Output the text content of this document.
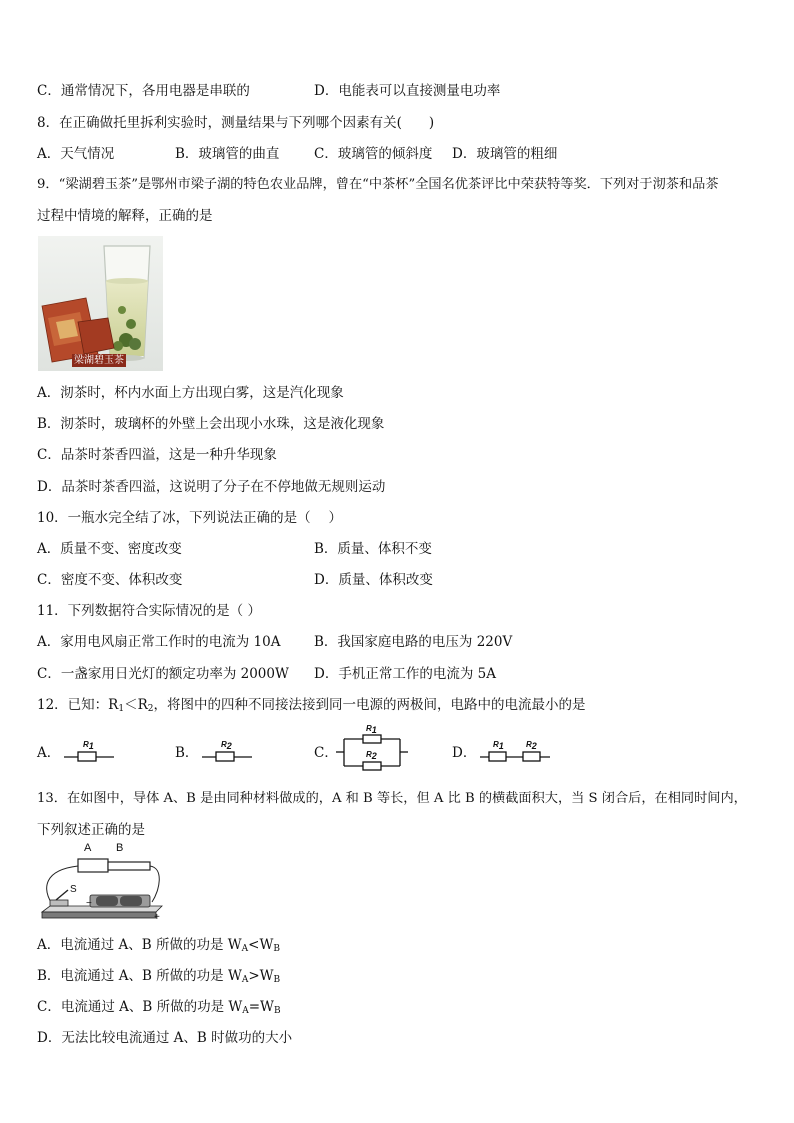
C．通常情况下，各用电器是串联的	D．电能表可以直接测量电功率
8．在正确做托里拆利实验时，测量结果与下列哪个因素有关(　　)
A．天气情况	B．玻璃管的曲直	C．玻璃管的倾斜度 D．玻璃管的粗细
9．“梁湖碧玉茶”是鄂州市梁子湖的特色农业品牌，曾在“中茶杯”全国名优茶评比中荣获特等奖．下列对于沏茶和品茶
过程中情境的解释，正确的是
梁湖碧玉茶
A．沏茶时，杯内水面上方出现白雾，这是汽化现象
B．沏茶时，玻璃杯的外壁上会出现小水珠，这是液化现象
C．品茶时茶香四溢，这是一种升华现象
D．品茶时茶香四溢，这说明了分子在不停地做无规则运动
10．一瓶水完全结了冰，下列说法正确的是（　 ）
A．质量不变、密度改变	B．质量、体积不变
C．密度不变、体积改变	D．质量、体积改变
11．下列数据符合实际情况的是（ ）
A．家用电风扇正常工作时的电流为 10A B．我国家庭电路的电压为 220V
C．一盏家用日光灯的额定功率为 2000W D．手机正常工作的电流为 5A
12．已知：$R_1<R_2$，将图中的四种不同接法接到同一电源的两极间，电路中的电流最小的是
A．
$R_1$	B．
$R_2$	C．
$R_1$
$R_2$	D．
$R_1$	$R_2$
13．在如图中，导体 A、B 是由同种材料做成的，A 和 B 等长，但 A 比 B 的横截面积大，当 S 闭合后，在相同时间内，
下列叙述正确的是
A B
S
−
+
A．电流通过 A、B 所做的功是 $W_A<W_B$
B．电流通过 A、B 所做的功是 $W_A>W_B$
C．电流通过 A、B 所做的功是 $W_A=W_B$
D．无法比较电流通过 A、B 时做功的大小
